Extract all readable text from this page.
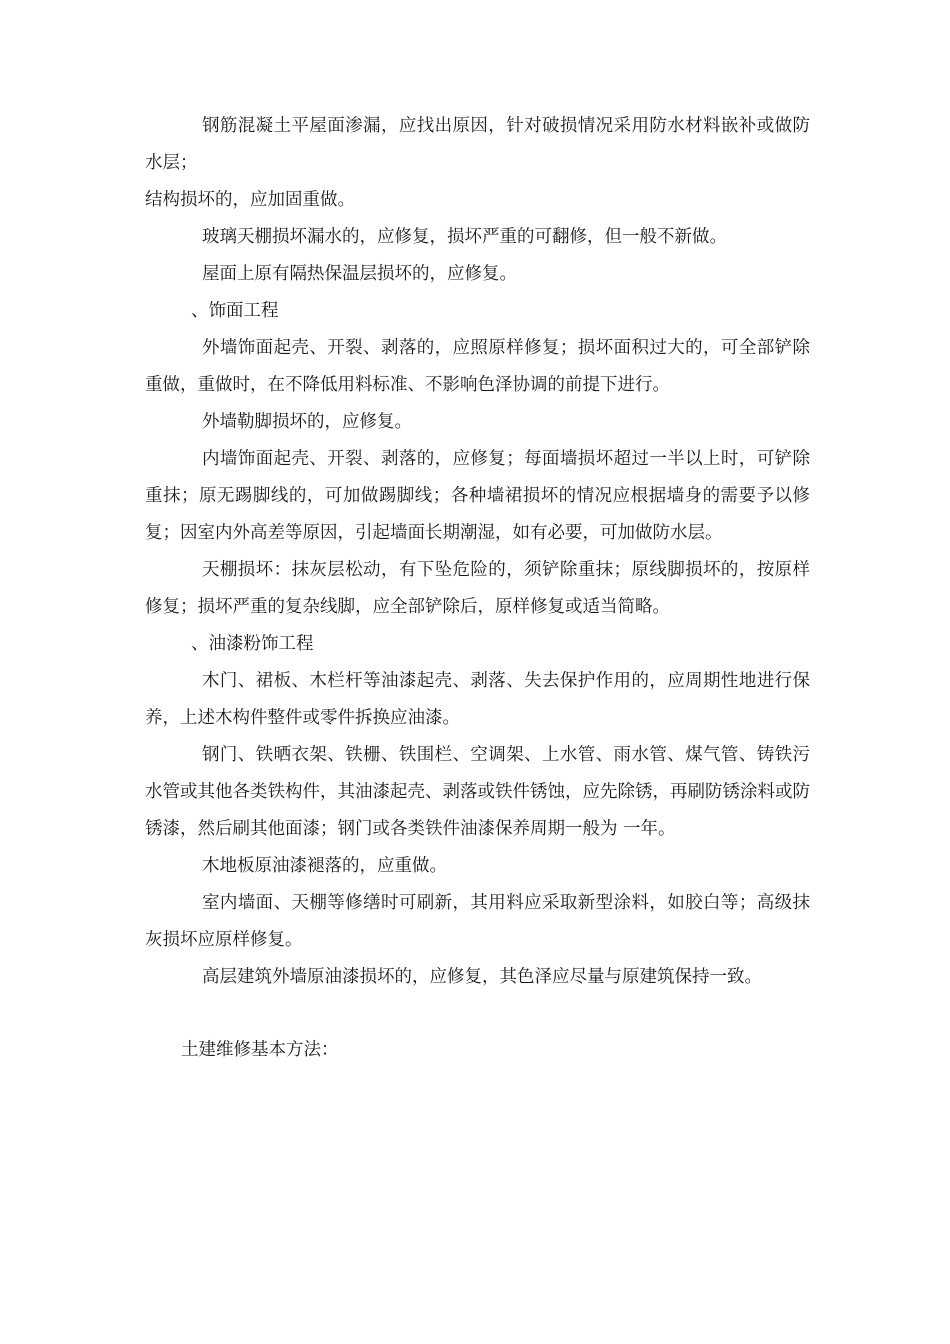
钢筋混凝土平屋面渗漏，应找出原因，针对破损情况采用防水材料嵌补或做防水层；

结构损坏的，应加固重做。

玻璃天棚损坏漏水的，应修复，损坏严重的可翻修，但一般不新做。

屋面上原有隔热保温层损坏的，应修复。

、饰面工程

外墙饰面起壳、开裂、剥落的，应照原样修复；损坏面积过大的，可全部铲除重做，重做时，在不降低用料标准、不影响色泽协调的前提下进行。

外墙勒脚损坏的，应修复。

内墙饰面起壳、开裂、剥落的，应修复；每面墙损坏超过一半以上时，可铲除重抹；原无踢脚线的，可加做踢脚线；各种墙裙损坏的情况应根据墙身的需要予以修复；因室内外高差等原因，引起墙面长期潮湿，如有必要，可加做防水层。

天棚损坏：抹灰层松动，有下坠危险的，须铲除重抹；原线脚损坏的，按原样修复；损坏严重的复杂线脚，应全部铲除后，原样修复或适当简略。

、油漆粉饰工程

木门、裙板、木栏杆等油漆起壳、剥落、失去保护作用的，应周期性地进行保养，上述木构件整件或零件拆换应油漆。

钢门、铁晒衣架、铁栅、铁围栏、空调架、上水管、雨水管、煤气管、铸铁污水管或其他各类铁构件，其油漆起壳、剥落或铁件锈蚀，应先除锈，再刷防锈涂料或防锈漆，然后刷其他面漆；钢门或各类铁件油漆保养周期一般为 一年。

木地板原油漆褪落的，应重做。

室内墙面、天棚等修缮时可刷新，其用料应采取新型涂料，如胶白等；高级抹灰损坏应原样修复。

高层建筑外墙原油漆损坏的，应修复，其色泽应尽量与原建筑保持一致。

土建维修基本方法：
